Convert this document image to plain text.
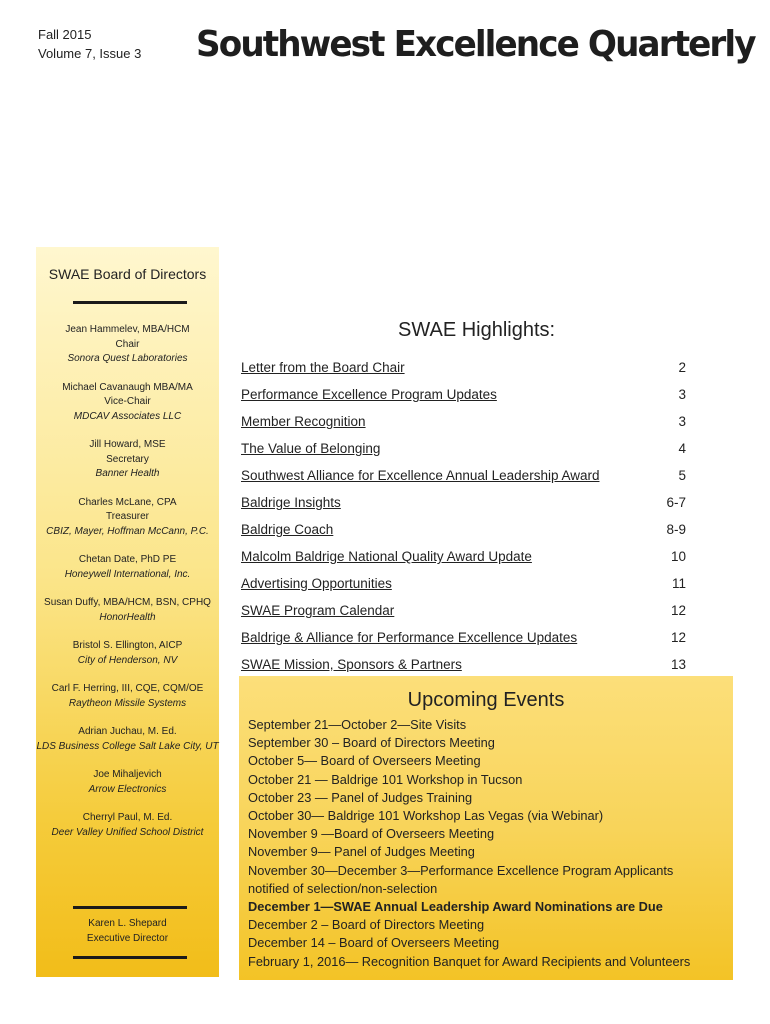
Fall 2015
Volume 7, Issue 3 Southwest Excellence Quarterly
SWAE Board of Directors
Jean Hammelev, MBA/HCM
Chair
Sonora Quest Laboratories
Michael Cavanaugh MBA/MA
Vice-Chair
MDCAV Associates LLC
Jill Howard, MSE
Secretary
Banner Health
Charles McLane, CPA
Treasurer
CBIZ, Mayer, Hoffman McCann, P.C.
Chetan Date, PhD PE
Honeywell International, Inc.
Susan Duffy, MBA/HCM, BSN, CPHQ
HonorHealth
Bristol S. Ellington, AICP
City of Henderson, NV
Carl F. Herring, III, CQE, CQM/OE
Raytheon Missile Systems
Adrian Juchau, M. Ed.
LDS Business College Salt Lake City, UT
Joe Mihaljevich
Arrow Electronics
Cherryl Paul, M. Ed.
Deer Valley Unified School District
Karen L. Shepard
Executive Director
SWAE Highlights:
Letter from the Board Chair	2
Performance Excellence Program Updates	3
Member Recognition	3
The Value of Belonging	4
Southwest Alliance for Excellence Annual Leadership Award	5
Baldrige Insights	6-7
Baldrige Coach	8-9
Malcolm Baldrige National Quality Award Update	10
Advertising Opportunities	11
SWAE Program Calendar	12
Baldrige & Alliance for Performance Excellence Updates	12
SWAE Mission, Sponsors & Partners	13
Upcoming Events
September 21—October 2—Site Visits
September 30 – Board of Directors Meeting
October 5— Board of Overseers Meeting
October 21 — Baldrige 101 Workshop in Tucson
October 23 — Panel of Judges Training
October 30— Baldrige 101 Workshop Las Vegas (via Webinar)
November 9 —Board of Overseers Meeting
November 9— Panel of Judges Meeting
November 30—December 3—Performance Excellence Program Applicants
notified of selection/non-selection
December 1—SWAE Annual Leadership Award Nominations are Due
December 2 – Board of Directors Meeting
December 14 – Board of Overseers Meeting
February 1, 2016— Recognition Banquet for Award Recipients and Volunteers
